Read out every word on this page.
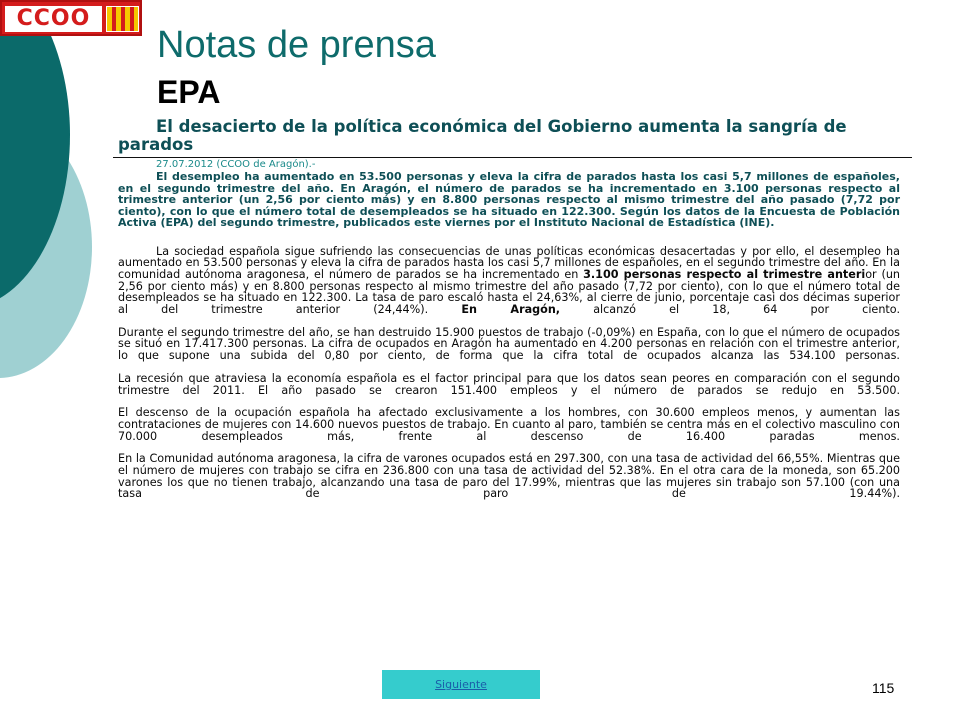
CCOO
Notas de prensa
EPA

El desacierto de la política económica del Gobierno aumenta la sangría de parados

27.07.2012 (CCOO de Aragón).-

El desempleo ha aumentado en 53.500 personas y eleva la cifra de parados hasta los casi 5,7 millones de españoles, en el segundo trimestre del año. En Aragón, el número de parados se ha incrementado en 3.100 personas respecto al trimestre anterior (un 2,56 por ciento más) y en 8.800 personas respecto al mismo trimestre del año pasado (7,72 por ciento), con lo que el número total de desempleados se ha situado en 122.300. Según los datos de la Encuesta de Población Activa (EPA) del segundo trimestre, publicados este viernes por el Instituto Nacional de Estadística (INE).

La sociedad española sigue sufriendo las consecuencias de unas políticas económicas desacertadas y por ello, el desempleo ha aumentado en 53.500 personas y eleva la cifra de parados hasta los casi 5,7 millones de españoles, en el segundo trimestre del año. En la comunidad autónoma aragonesa, el número de parados se ha incrementado en 3.100 personas respecto al trimestre anterior (un 2,56 por ciento más) y en 8.800 personas respecto al mismo trimestre del año pasado (7,72 por ciento), con lo que el número total de desempleados se ha situado en 122.300. La tasa de paro escaló hasta el 24,63%, al cierre de junio, porcentaje casi dos décimas superior al del trimestre anterior (24,44%). En Aragón, alcanzó el 18, 64 por ciento.

Durante el segundo trimestre del año, se han destruido 15.900 puestos de trabajo (-0,09%) en España, con lo que el número de ocupados se situó en 17.417.300 personas. La cifra de ocupados en Aragón ha aumentado en 4.200 personas en relación con el trimestre anterior, lo que supone una subida del 0,80 por ciento, de forma que la cifra total de ocupados alcanza las 534.100 personas.

La recesión que atraviesa la economía española es el factor principal para que los datos sean peores en comparación con el segundo trimestre del 2011. El año pasado se crearon 151.400 empleos y el número de parados se redujo en 53.500.

El descenso de la ocupación española ha afectado exclusivamente a los hombres, con 30.600 empleos menos, y aumentan las contrataciones de mujeres con 14.600 nuevos puestos de trabajo. En cuanto al paro, también se centra más en el colectivo masculino con 70.000 desempleados más, frente al descenso de 16.400 paradas menos.

En la Comunidad autónoma aragonesa, la cifra de varones ocupados está en 297.300, con una tasa de actividad del 66,55%. Mientras que el número de mujeres con trabajo se cifra en 236.800 con una tasa de actividad del 52.38%. En el otra cara de la moneda, son 65.200 varones los que no tienen trabajo, alcanzando una tasa de paro del 17.99%, mientras que las mujeres sin trabajo son 57.100 (con una tasa de paro de 19.44%).

Siguiente	115
